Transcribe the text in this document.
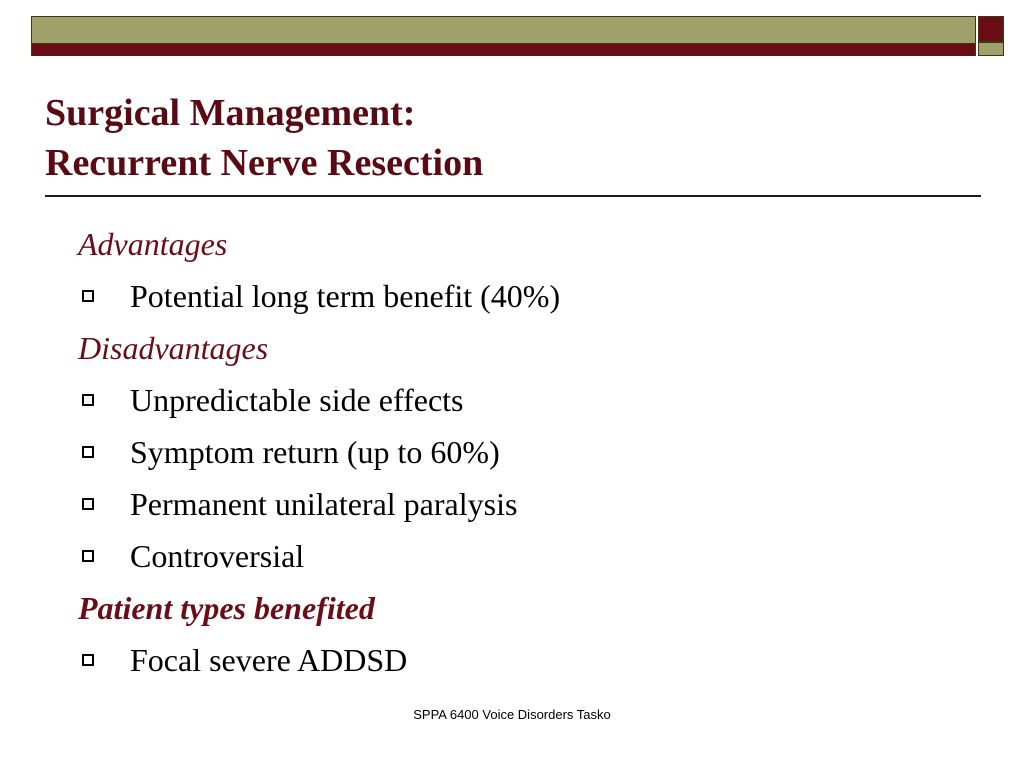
Surgical Management:
Recurrent Nerve Resection
Advantages
Potential long term benefit (40%)
Disadvantages
Unpredictable side effects
Symptom return (up to 60%)
Permanent unilateral paralysis
Controversial
Patient types benefited
Focal severe ADDSD
SPPA 6400 Voice Disorders Tasko
